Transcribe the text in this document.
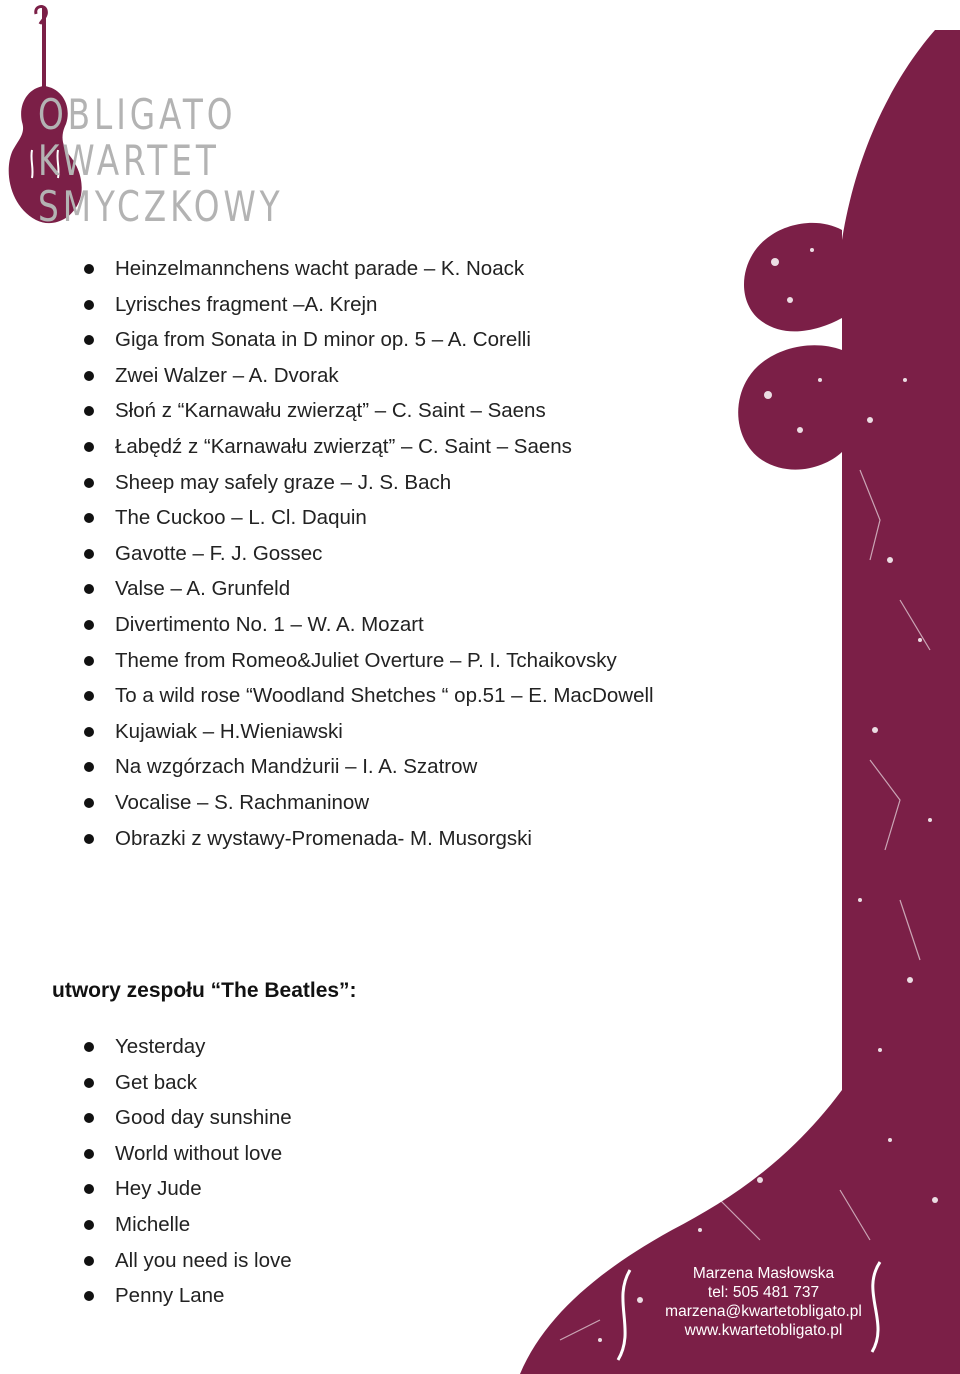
OBLIGATO
KWARTET
SMYCZKOWY
Heinzelmannchens wacht parade – K. Noack
Lyrisches fragment –A. Krejn
Giga from Sonata in D minor op. 5 – A. Corelli
Zwei Walzer – A. Dvorak
Słoń z “Karnawału zwierząt” – C. Saint – Saens
Łabędź z “Karnawału zwierząt” – C. Saint – Saens
Sheep may safely graze – J. S. Bach
The Cuckoo – L. Cl. Daquin
Gavotte – F. J. Gossec
Valse – A. Grunfeld
Divertimento No. 1 – W. A. Mozart
Theme from Romeo&Juliet Overture – P. I. Tchaikovsky
To a wild rose “Woodland Shetches “ op.51 – E. MacDowell
Kujawiak – H.Wieniawski
Na wzgórzach Mandżurii – I. A. Szatrow
Vocalise – S. Rachmaninow
Obrazki z wystawy-Promenada- M. Musorgski
utwory zespołu “The Beatles”:
Yesterday
Get back
Good day sunshine
World without love
Hey Jude
Michelle
All you need is love
Penny Lane
Marzena Masłowska
tel: 505 481 737
marzena@kwartetobligato.pl
www.kwartetobligato.pl
